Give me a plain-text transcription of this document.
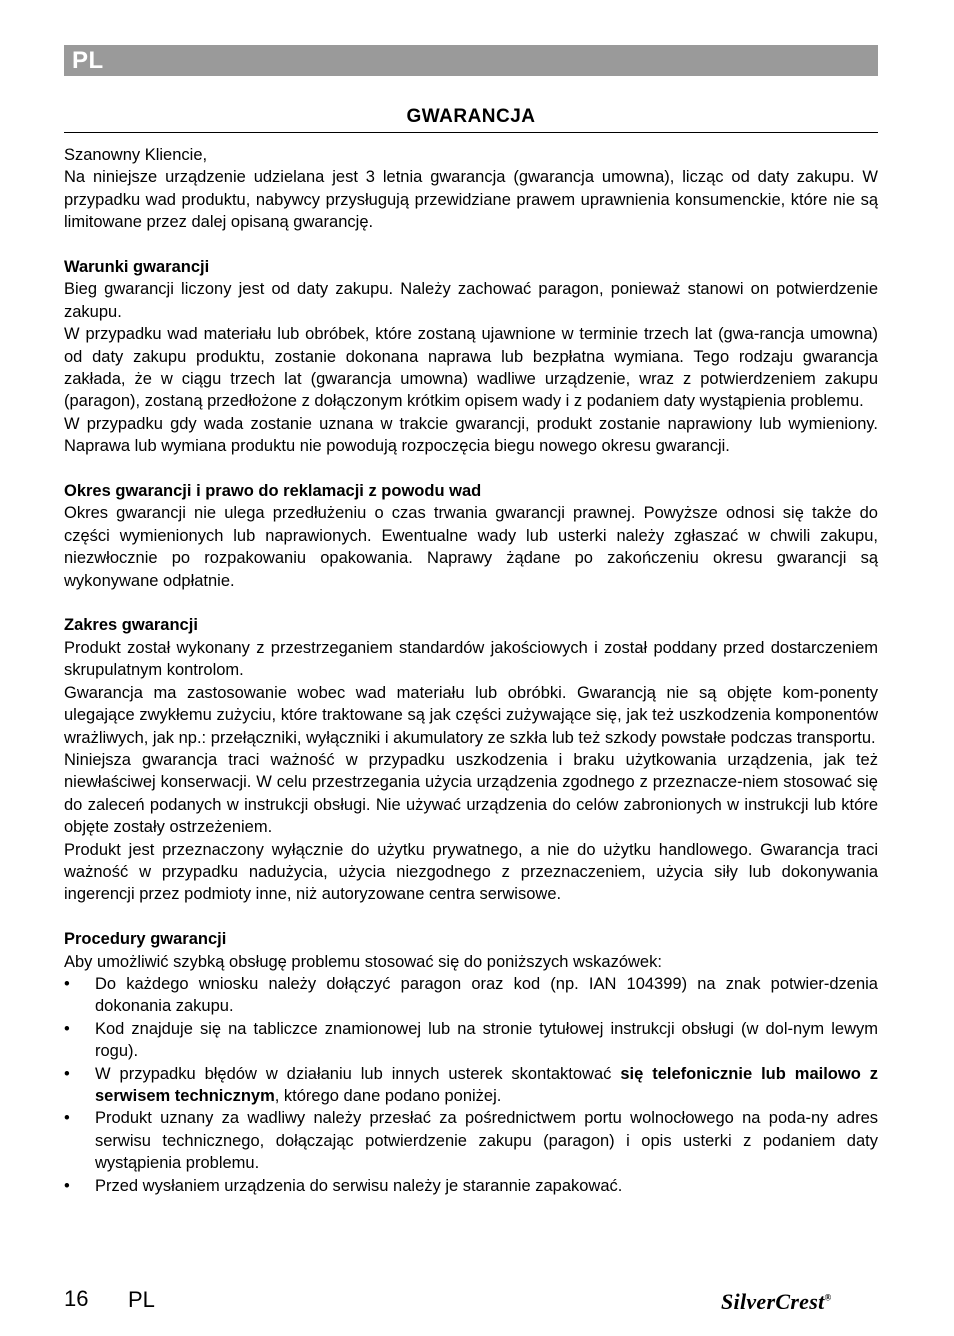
PL
GWARANCJA

Szanowny Kliencie,

Na niniejsze urządzenie udzielana jest 3 letnia gwarancja (gwarancja umowna), licząc od daty zakupu. W przypadku wad produktu, nabywcy przysługują przewidziane prawem uprawnienia konsumenckie, które nie są limitowane przez dalej opisaną gwarancję.

Warunki gwarancji

Bieg gwarancji liczony jest od daty zakupu. Należy zachować paragon, ponieważ stanowi on potwierdzenie zakupu.

W przypadku wad materiału lub obróbek, które zostaną ujawnione w terminie trzech lat (gwa-rancja umowna) od daty zakupu produktu, zostanie dokonana naprawa lub bezpłatna wymiana. Tego rodzaju gwarancja zakłada, że w ciągu trzech lat (gwarancja umowna) wadliwe urządzenie, wraz z potwierdzeniem zakupu (paragon), zostaną przedłożone z dołączonym krótkim opisem wady i z podaniem daty wystąpienia problemu.

W przypadku gdy wada zostanie uznana w trakcie gwarancji, produkt zostanie naprawiony lub wymieniony. Naprawa lub wymiana produktu nie powodują rozpoczęcia biegu nowego okresu gwarancji.

Okres gwarancji i prawo do reklamacji z powodu wad

Okres gwarancji nie ulega przedłużeniu o czas trwania gwarancji prawnej. Powyższe odnosi się także do części wymienionych lub naprawionych. Ewentualne wady lub usterki należy zgłaszać w chwili zakupu, niezwłocznie po rozpakowaniu opakowania. Naprawy żądane po zakończeniu okresu gwarancji są wykonywane odpłatnie.

Zakres gwarancji

Produkt został wykonany z przestrzeganiem standardów jakościowych i został poddany przed dostarczeniem skrupulatnym kontrolom.

Gwarancja ma zastosowanie wobec wad materiału lub obróbki. Gwarancją nie są objęte kom-ponenty ulegające zwykłemu zużyciu, które traktowane są jak części zużywające się, jak też uszkodzenia komponentów wrażliwych, jak np.: przełączniki, wyłączniki i akumulatory ze szkła lub też szkody powstałe podczas transportu.

Niniejsza gwarancja traci ważność w przypadku uszkodzenia i braku użytkowania urządzenia, jak też niewłaściwej konserwacji. W celu przestrzegania użycia urządzenia zgodnego z przeznacze-niem stosować się do zaleceń podanych w instrukcji obsługi. Nie używać urządzenia do celów zabronionych w instrukcji lub które objęte zostały ostrzeżeniem.

Produkt jest przeznaczony wyłącznie do użytku prywatnego, a nie do użytku handlowego. Gwarancja traci ważność w przypadku nadużycia, użycia niezgodnego z przeznaczeniem, użycia siły lub dokonywania ingerencji przez podmioty inne, niż autoryzowane centra serwisowe.

Procedury gwarancji

Aby umożliwić szybką obsługę problemu stosować się do poniższych wskazówek:

• Do każdego wniosku należy dołączyć paragon oraz kod (np. IAN 104399) na znak potwier-dzenia dokonania zakupu.
• Kod znajduje się na tabliczce znamionowej lub na stronie tytułowej instrukcji obsługi (w dol-nym lewym rogu).
• W przypadku błędów w działaniu lub innych usterek skontaktować się telefonicznie lub mailowo z serwisem technicznym, którego dane podano poniżej.
• Produkt uznany za wadliwy należy przesłać za pośrednictwem portu wolnocłowego na poda-ny adres serwisu technicznego, dołączając potwierdzenie zakupu (paragon) i opis usterki z podaniem daty wystąpienia problemu.
• Przed wysłaniem urządzenia do serwisu należy je starannie zapakować.
16 PL	SilverCrest®
